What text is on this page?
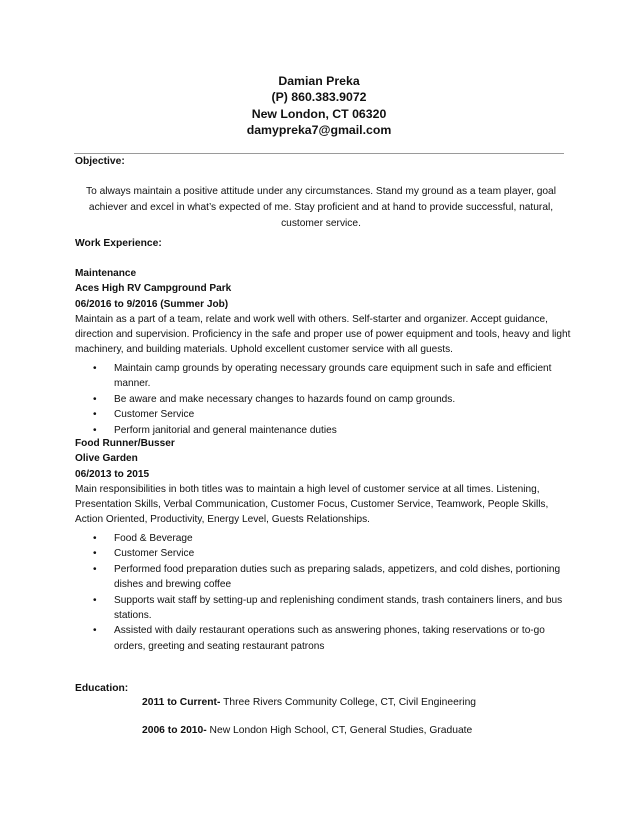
Damian Preka
(P) 860.383.9072
New London, CT 06320
damypreka7@gmail.com
Objective:
To always maintain a positive attitude under any circumstances. Stand my ground as a team player, goal achiever and excel in what’s expected of me. Stay proficient and at hand to provide successful, natural, customer service.
Work Experience:
Maintenance
Aces High RV Campground Park
06/2016 to 9/2016 (Summer Job)
Maintain as a part of a team, relate and work well with others. Self-starter and organizer. Accept guidance, direction and supervision. Proficiency in the safe and proper use of power equipment and tools, heavy and light machinery, and building materials. Uphold excellent customer service with all guests.
• Maintain camp grounds by operating necessary grounds care equipment such in safe and efficient manner.
• Be aware and make necessary changes to hazards found on camp grounds.
• Customer Service
• Perform janitorial and general maintenance duties
Food Runner/Busser
Olive Garden
06/2013 to 2015
Main responsibilities in both titles was to maintain a high level of customer service at all times. Listening, Presentation Skills, Verbal Communication, Customer Focus, Customer Service, Teamwork, People Skills, Action Oriented, Productivity, Energy Level, Guests Relationships.
• Food & Beverage
• Customer Service
• Performed food preparation duties such as preparing salads, appetizers, and cold dishes, portioning dishes and brewing coffee
• Supports wait staff by setting-up and replenishing condiment stands, trash containers liners, and bus stations.
• Assisted with daily restaurant operations such as answering phones, taking reservations or to-go orders, greeting and seating restaurant patrons
Education:
2011 to Current- Three Rivers Community College, CT, Civil Engineering
2006 to 2010- New London High School, CT, General Studies, Graduate
